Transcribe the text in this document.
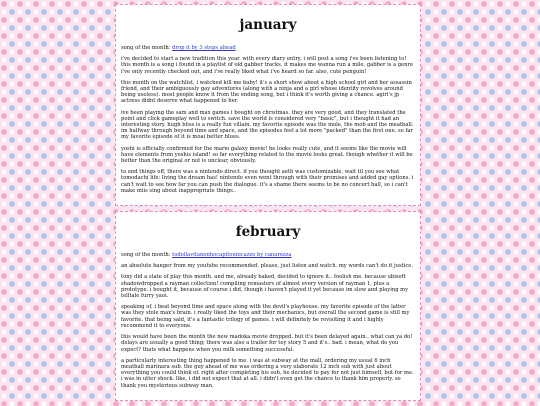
january

song of the month: drop it by 3 steps ahead

i've decided to start a new tradition this year. with every diary entry, i will post a song i've been listening to! this month is a song i found in a playlist of old gabber tracks. it makes me wanna run a mile. gabber is a genre i've only recently checked out, and i've really liked what i've heard so far. also, cute penguin!

this month on the watchlist, i watched kill me baby! it's a short show about a high school girl and her assassin friend, and their ambiguously gay adventures (along with a ninja and a girl whose identity revolves around being useless). most people know it from the ending song, but i think it's worth giving a chance. agiri's jp actress didnt deserve what happened to her.

ive been playing the sam and max games i bought on christmas. they are very good, and they translated the point and click gameplay well to switch. save the world is considered very "basic", but i thought it had an interesting story. hugh bliss is a really fun villain. my favorite episode was the mole, the mob and the meatball. im halfway through beyond time and space, and the episodes feel a lot more "packed" than the first one. so far my favorite episode of it is moai better blues.

yoshi is officially confirmed for the mario galaxy movie! he looks really cute, and it seems like the movie will have elements from yoshis island! so far everything related to the movie looks great. though whether it will be better than the original or not is unclear, obviously.

to end things off, there was a nintendo direct. if you thought aeth was customizable, wait til you see what tomodachi life: living the dream has! nintendo even went through with their promises and added gay options. i can't wait to see how far you can push the dialogue. it's a shame there seems to be no concert hall, so i can't make miis sing about inappropriate things..

february

song of the month: todollavitanonhocapitounicazzo by canarezza

an absolute banger from my youtube recommended. please, just listen and watch. my words can't do it justice.

tony did a state of play this month. and me, already baked, decided to ignore it.. foolish me. because ubisoft shadowdropped a rayman collection! compiling remasters of almost every version of rayman 1, plus a prototype. i bought it, because of course i did, though i haven't played it yet because im slow and playing my telltale furry yaoi.

speaking of, i beat beyond time and space along with the devil's playhouse. my favorite episode of the latter was they stole max's brain. i really liked the toys and their mechanics, but overall the second game is still my favorite. that being said, it's a fantastic trilogy of games. i will definitely be revisiting it and i highly recommend it to everyone.

this would have been the month the new madoka movie dropped. but it's been delayed again.. what can ya do! delays are usually a good thing; there was also a trailer for toy story 5 and it's.. bad. i mean, what do you expect? thats what happens when you milk something successful.

a particularly interesting thing happened to me. i was at subway at the mall, ordering my usual 6 inch meatball marinara sub. the guy ahead of me was ordering a very elaborate 12 inch sub with just about everything you could think of. right after completing his sub, he decided to pay for not just himself, but for me. i was in utter shock. like, i did not expect that at all. i didn't even get the chance to thank him properly. so thank you mysterious subway man.
